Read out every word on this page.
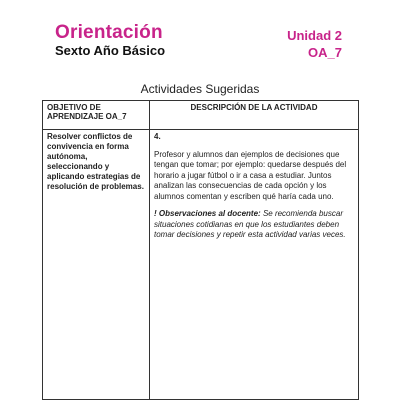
Orientación
Sexto Año Básico
Unidad 2
OA_7
Actividades Sugeridas
OBJETIVO DE APRENDIZAJE OA_7	DESCRIPCIÓN DE LA ACTIVIDAD
Resolver conflictos de convivencia en forma autónoma, seleccionando y aplicando estrategias de resolución de problemas.	4.

Profesor y alumnos dan ejemplos de decisiones que tengan que tomar; por ejemplo: quedarse después del horario a jugar fútbol o ir a casa a estudiar. Juntos analizan las consecuencias de cada opción y los alumnos comentan y escriben qué haría cada uno.

! Observaciones al docente: Se recomienda buscar situaciones cotidianas en que los estudiantes deben tomar decisiones y repetir esta actividad varias veces.
